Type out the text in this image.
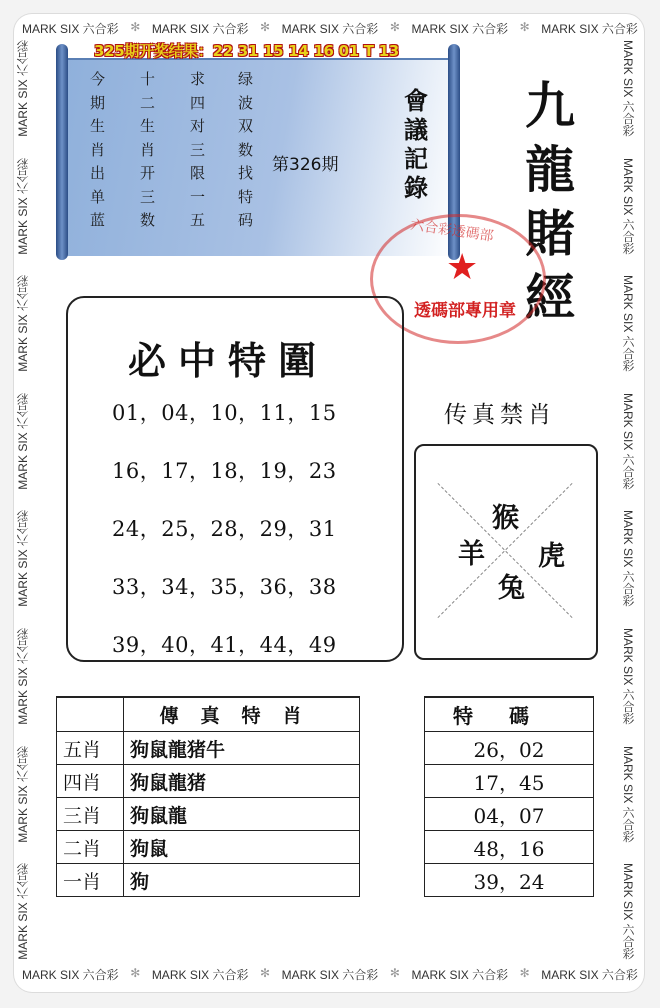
MARK SIX 六合彩 ✻ MARK SIX 六合彩 ✻ MARK SIX 六合彩 ✻ MARK SIX 六合彩 ✻ MARK SIX 六合彩
MARK SIX 六合彩 ✻ MARK SIX 六合彩 ✻ MARK SIX 六合彩 ✻ MARK SIX 六合彩 ✻ MARK SIX 六合彩
MARK SIX 六合彩
MARK SIX 六合彩
MARK SIX 六合彩
MARK SIX 六合彩
MARK SIX 六合彩
MARK SIX 六合彩
MARK SIX 六合彩
MARK SIX 六合彩
MARK SIX 六合彩
MARK SIX 六合彩
MARK SIX 六合彩
MARK SIX 六合彩
MARK SIX 六合彩
MARK SIX 六合彩
MARK SIX 六合彩
MARK SIX 六合彩
325期开奖结果：22 31 15 14 16 01 T 13
今
期
生
肖
出
单
蓝
十
二
生
肖
开
三
数
求
四
对
三
限
一
五
绿
波
双
数
找
特
码
第326期
會
議
記
錄
九
龍
賭
經
六合彩透碼部
★
透碼部專用章
必中特圍
01，04，10，11，15
16，17，18，19，23
24，25，28，29，31
33，34，35，36，38
39，40，41，44，49
传真禁肖
猴
羊 虎
兔
	傳真特肖
五肖	狗鼠龍猪牛
四肖	狗鼠龍猪
三肖	狗鼠龍
二肖	狗鼠
一肖	狗
特碼
26，02
17，45
04，07
48，16
39，24
